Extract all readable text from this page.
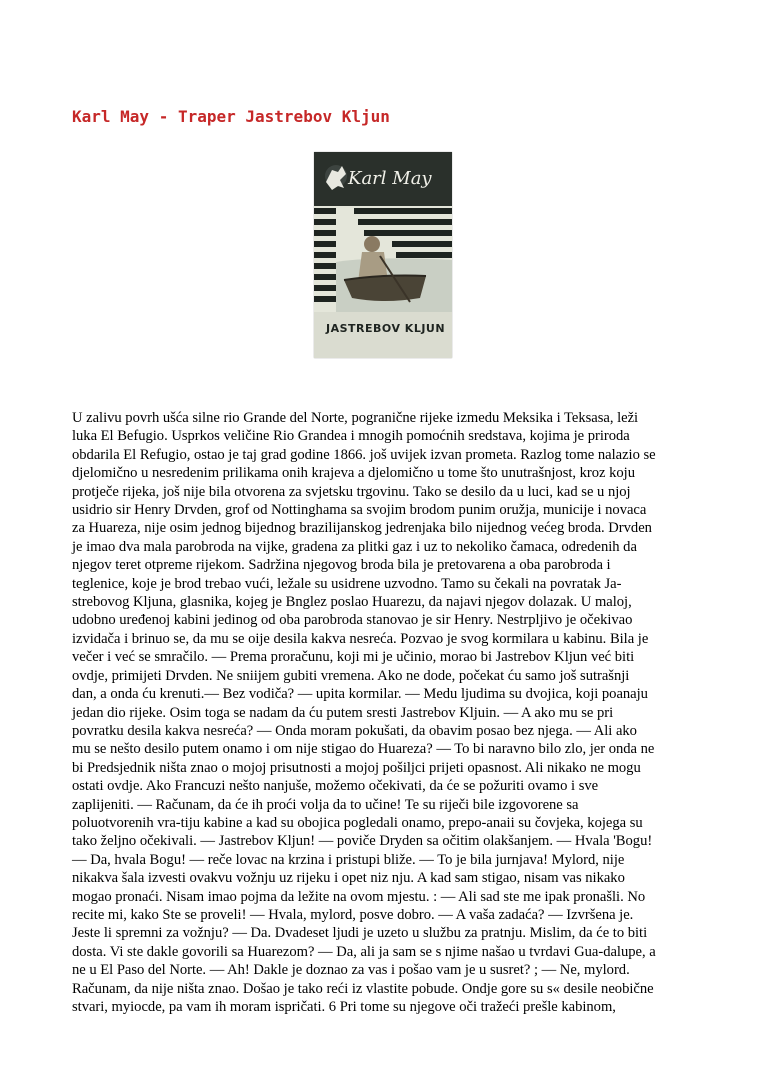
Karl May - Traper Jastrebov Kljun
Karl May
JASTREBOV KLJUN
U zalivu povrh ušća silne rio Grande del Norte, pogranične rijeke izmedu Meksika i Teksasa, leži
luka El Befugio. Usprkos veličine Rio Grandea i mnogih pomoćnih sredstava, kojima je priroda
obdarila El Refugio, ostao je taj grad godine 1866. još uvijek izvan prometa. Razlog tome nalazio se
djelomično u nesredenim prilikama onih krajeva a djelomično u tome što unutrašnjost, kroz koju
protječe rijeka, još nije bila otvorena za svjetsku trgovinu. Tako se desilo da u luci, kad se u njoj
usidrio sir Henry Drvden, grof od Nottinghama sa svojim brodom punim oružja, municije i novaca
za Huareza, nije osim jednog bijednog brazilijanskog jedrenjaka bilo nijednog većeg broda. Drvden
je imao dva mala parobroda na vijke, gradena za plitki gaz i uz to nekoliko čamaca, odredenih da
njegov teret otpreme rijekom. Sadržina njegovog broda bila je pretovarena a oba parobroda i
teglenice, koje je brod trebao vući, ležale su usidrene uzvodno. Tamo su čekali na povratak Ja-
strebovog Kljuna, glasnika, kojeg je Bnglez poslao Huarezu, da najavi njegov dolazak. U maloj,
udobno uređenoj kabini jedinog od oba parobroda stanovao je sir Henry. Nestrpljivo je očekivao
izvidača i brinuo se, da mu se oije desila kakva nesreća. Pozvao je svog kormilara u kabinu. Bila je
večer i već se smračilo. — Prema proračunu, koji mi je učinio, morao bi Jastrebov Kljun već biti
ovdje, primijeti Drvden. Ne sniijem gubiti vremena. Ako ne dode, počekat ću samo još sutrašnji
dan, a onda ću krenuti.— Bez vodiča? — upita kormilar. — Medu ljudima su dvojica, koji poanaju
jedan dio rijeke. Osim toga se nadam da ću putem sresti Jastrebov Kljuin. — A ako mu se pri
povratku desila kakva nesreća? — Onda moram pokušati, da obavim posao bez njega. — Ali ako
mu se nešto desilo putem onamo i om nije stigao do Huareza? — To bi naravno bilo zlo, jer onda ne
bi Predsjednik ništa znao o mojoj prisutnosti a mojoj pošiljci prijeti opasnost. Ali nikako ne mogu
ostati ovdje. Ako Francuzi nešto nanjuše, možemo očekivati, da će se požuriti ovamo i sve
zaplijeniti. — Računam, da će ih proći volja da to učine! Te su riječi bile izgovorene sa
poluotvorenih vra-tiju kabine a kad su obojica pogledali onamo, prepo-anaii su čovjeka, kojega su
tako željno očekivali. — Jastrebov Kljun! — poviče Dryden sa očitim olakšanjem. — Hvala 'Bogu!
— Da, hvala Bogu! — reče lovac na krzina i pristupi bliže. — To je bila jurnjava! Mylord, nije
nikakva šala izvesti ovakvu vožnju uz rijeku i opet niz nju. A kad sam stigao, nisam vas nikako
mogao pronaći. Nisam imao pojma da ležite na ovom mjestu. : — Ali sad ste me ipak pronašli. No
recite mi, kako Ste se proveli! — Hvala, mylord, posve dobro. — A vaša zadaća? — Izvršena je.
Jeste li spremni za vožnju? — Da. Dvadeset ljudi je uzeto u službu za pratnju. Mislim, da će to biti
dosta. Vi ste dakle govorili sa Huarezom? — Da, ali ja sam se s njime našao u tvrdavi Gua-dalupe, a
ne u El Paso del Norte. — Ah! Dakle je doznao za vas i pošao vam je u susret? ; — Ne, mylord.
Računam, da nije ništa znao. Došao je tako reći iz vlastite pobude. Ondje gore su s« desile neobične
stvari, myiocde, pa vam ih moram ispričati. 6 Pri tome su njegove oči tražeći prešle kabinom,
